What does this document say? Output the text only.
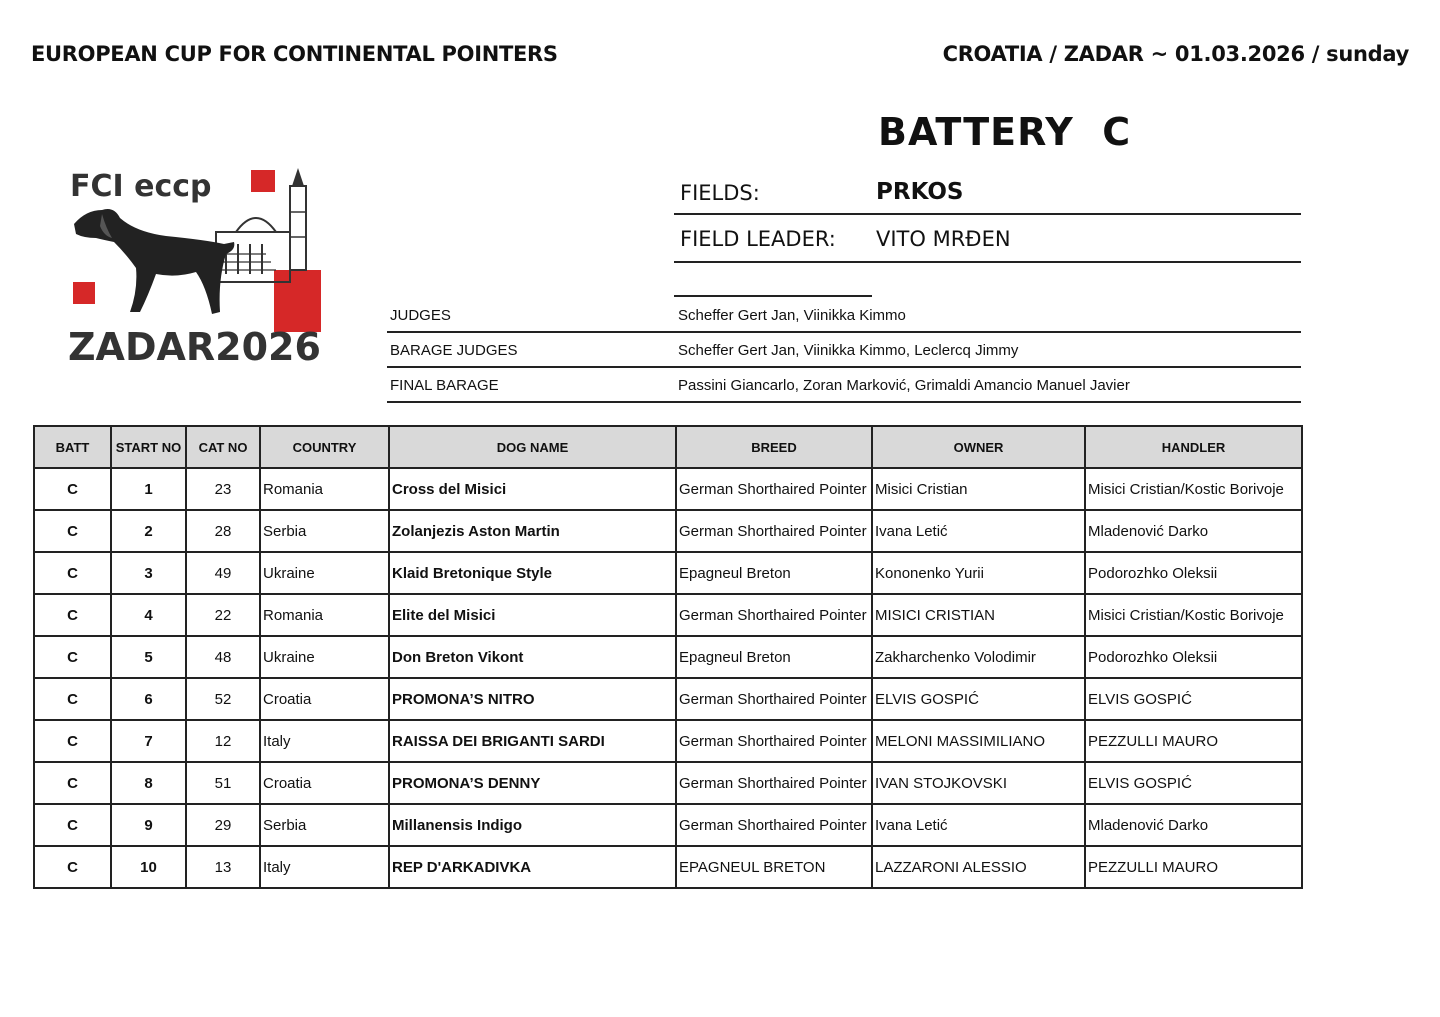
EUROPEAN CUP FOR CONTINENTAL POINTERS	CROATIA / ZADAR ~ 01.03.2026 / sunday
FCI eccp
ZADAR2026
BATTERY  C
FIELDS:	PRKOS
FIELD LEADER: VITO MRĐEN
JUDGES	Scheffer Gert Jan, Viinikka Kimmo
BARAGE JUDGES	Scheffer Gert Jan, Viinikka Kimmo, Leclercq Jimmy
FINAL BARAGE	Passini Giancarlo, Zoran Marković, Grimaldi Amancio Manuel Javier
BATT	START NO	CAT NO	COUNTRY	DOG NAME	BREED	OWNER	HANDLER
C	1	23	Romania	Cross del Misici	German Shorthaired Pointer	Misici Cristian	Misici Cristian/Kostic Borivoje
C	2	28	Serbia	Zolanjezis Aston Martin	German Shorthaired Pointer	Ivana Letić	Mladenović Darko
C	3	49	Ukraine	Klaid Bretonique Style	Epagneul Breton	Kononenko Yurii	Podorozhko Oleksii
C	4	22	Romania	Elite del Misici	German Shorthaired Pointer	MISICI CRISTIAN	Misici Cristian/Kostic Borivoje
C	5	48	Ukraine	Don Breton Vikont	Epagneul Breton	Zakharchenko Volodimir	Podorozhko Oleksii
C	6	52	Croatia	PROMONA’S NITRO	German Shorthaired Pointer	ELVIS GOSPIĆ	ELVIS GOSPIĆ
C	7	12	Italy	RAISSA DEI BRIGANTI SARDI	German Shorthaired Pointer	MELONI MASSIMILIANO	PEZZULLI MAURO
C	8	51	Croatia	PROMONA’S DENNY	German Shorthaired Pointer	IVAN STOJKOVSKI	ELVIS GOSPIĆ
C	9	29	Serbia	Millanensis Indigo	German Shorthaired Pointer	Ivana Letić	Mladenović Darko
C	10	13	Italy	REP D'ARKADIVKA	EPAGNEUL BRETON	LAZZARONI ALESSIO	PEZZULLI MAURO
